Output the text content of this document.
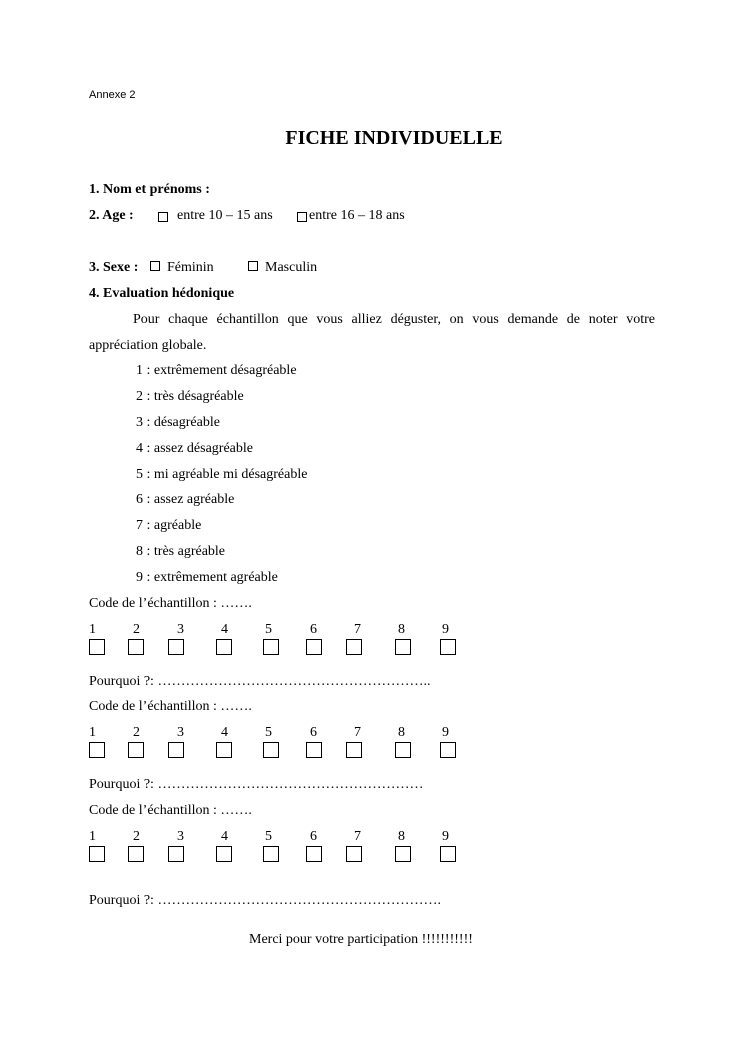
Annexe 2
FICHE INDIVIDUELLE
1. Nom et prénoms :
2. Age :	entre 10 – 15 ans	entre 16 – 18 ans
3. Sexe : Féminin	Masculin
4. Evaluation hédonique
Pour chaque échantillon que vous alliez déguster, on vous demande de noter votre
appréciation globale.
1 : extrêmement désagréable
2 : très désagréable
3 : désagréable
4 : assez désagréable
5 : mi agréable mi désagréable
6 : assez agréable
7 : agréable
8 : très agréable
9 : extrêmement agréable
Code de l’échantillon : …….
1	2	3	4	5	6	7	8	9
Pourquoi ?: …………………………………………………..
Code de l’échantillon : …….
1	2	3	4	5	6	7	8	9
Pourquoi ?: …………………………………………………
Code de l’échantillon : …….
1	2	3	4	5	6	7	8	9
Pourquoi ?: …………………………………………………….
Merci pour votre participation !!!!!!!!!!!
